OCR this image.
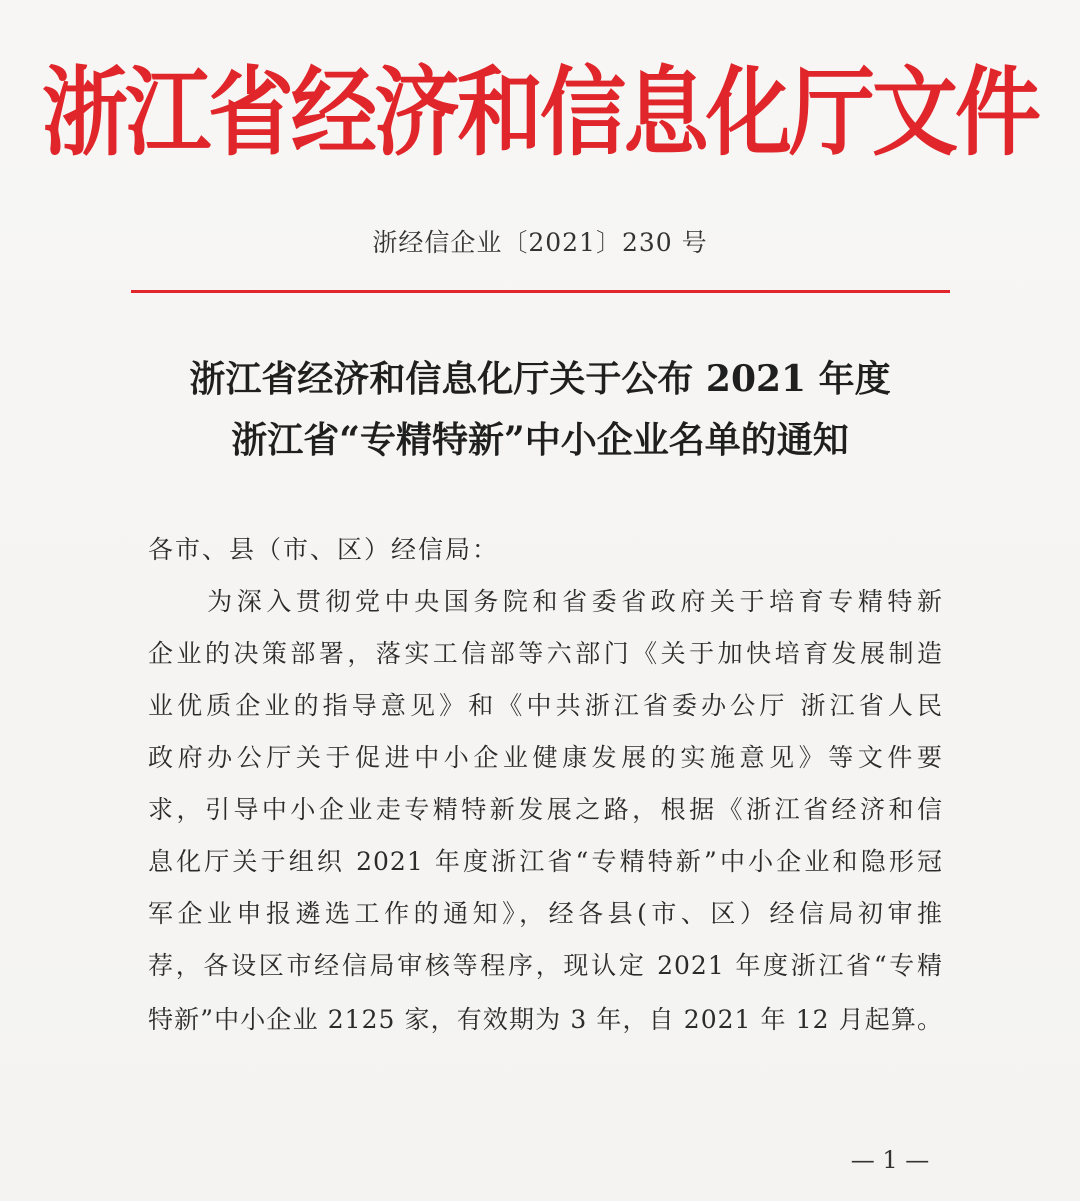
浙江省经济和信息化厅文件
浙经信企业〔2021〕230 号
浙江省经济和信息化厅关于公布 2021 年度
浙江省“专精特新”中小企业名单的通知
各市、县（市、区）经信局：
　　为深入贯彻党中央国务院和省委省政府关于培育专精特新
企业的决策部署，落实工信部等六部门《关于加快培育发展制造
业优质企业的指导意见》和《中共浙江省委办公厅 浙江省人民
政府办公厅关于促进中小企业健康发展的实施意见》等文件要
求，引导中小企业走专精特新发展之路，根据《浙江省经济和信
息化厅关于组织 2021 年度浙江省“专精特新”中小企业和隐形冠
军企业申报遴选工作的通知》，经各县(市、区）经信局初审推
荐，各设区市经信局审核等程序，现认定 2021 年度浙江省“专精
特新”中小企业 2125 家，有效期为 3 年，自 2021 年 12 月起算。
— 1 —
